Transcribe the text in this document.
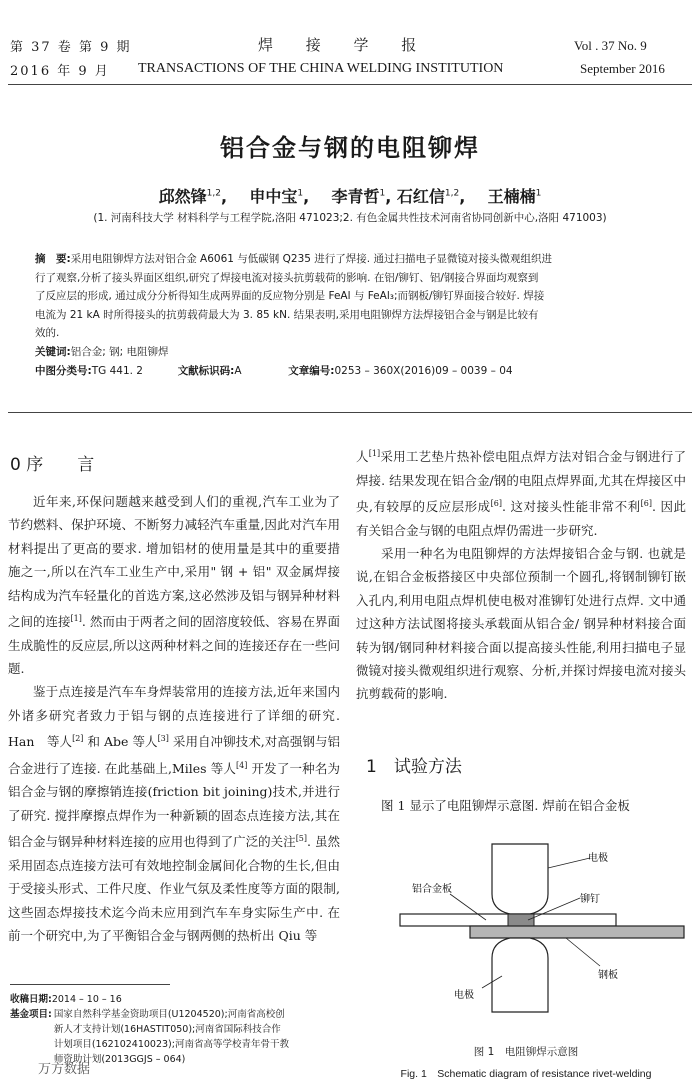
第 37 卷 第 9 期
2016 年 9 月
焊 接 学 报
TRANSACTIONS OF THE CHINA WELDING INSTITUTION
Vol . 37 No. 9
September 2016
铝合金与钢的电阻铆焊
邱然锋$^{1,2}$,    申中宝$^1$,    李青哲$^1$, 石红信$^{1,2}$,    王楠楠$^1$
(1. 河南科技大学 材料科学与工程学院,洛阳 471023;2. 有色金属共性技术河南省协同创新中心,洛阳 471003)
摘　要:采用电阻铆焊方法对铝合金 A6061 与低碳钢 Q235 进行了焊接. 通过扫描电子显微镜对接头微观组织进
行了观察,分析了接头界面区组织,研究了焊接电流对接头抗剪载荷的影响. 在铝/铆钉、铝/钢接合界面均观察到
了反应层的形成, 通过成分分析得知生成两界面的反应物分别是 FeAl 与 FeAl₃;而钢板/铆钉界面接合较好. 焊接
电流为 21 kA 时所得接头的抗剪载荷最大为 3. 85 kN. 结果表明,采用电阻铆焊方法焊接铝合金与钢是比较有
效的.
关键词:铝合金; 钢; 电阻铆焊
中图分类号:TG 441. 2	文献标识码:A	文章编号:0253 – 360X(2016)09 – 0039 – 04
0 序　　言

近年来,环保问题越来越受到人们的重视,汽车工业为了节约燃料、保护环境、不断努力减轻汽车重量,因此对汽车用材料提出了更高的要求. 增加铝材的使用量是其中的重要措施之一,所以在汽车工业生产中,采用" 钢 + 铝" 双金属焊接结构成为汽车轻量化的首选方案,这必然涉及铝与钢异种材料之间的连接[1]. 然而由于两者之间的固溶度较低、容易在界面生成脆性的反应层,所以这两种材料之间的连接还存在一些问题.

鉴于点连接是汽车车身焊装常用的连接方法,近年来国内外诸多研究者致力于铝与钢的点连接进行了详细的研究. Han　等人[2] 和 Abe 等人[3] 采用自冲铆技术,对高强钢与铝合金进行了连接. 在此基础上,Miles 等人[4] 开发了一种名为铝合金与钢的摩擦销连接(friction bit joining)技术,并进行了研究. 搅拌摩擦点焊作为一种新颖的固态点连接方法,其在铝合金与钢异种材料连接的应用也得到了广泛的关注[5]. 虽然采用固态点连接方法可有效地控制金属间化合物的生长,但由于受接头形式、工件尺度、作业气氛及柔性度等方面的限制,这些固态焊接技术迄今尚未应用到汽车车身实际生产中. 在前一个研究中,为了平衡铝合金与钢两侧的热析出 Qiu 等

收稿日期:2014 – 10 – 16
基金项目: 国家自然科学基金资助项目(U1204520);河南省高校创
新人才支持计划(16HASTIT050);河南省国际科技合作
计划项目(162102410023);河南省高等学校青年骨干教
师资助计划(2013GGJS – 064)
万方数据

人[1]采用工艺垫片热补偿电阻点焊方法对铝合金与钢进行了焊接. 结果发现在铝合金/钢的电阻点焊界面,尤其在焊接区中央,有较厚的反应层形成[6]. 这对接头性能非常不利[6]. 因此有关铝合金与钢的电阻点焊仍需进一步研究.

采用一种名为电阻铆焊的方法焊接铝合金与钢. 也就是说,在铝合金板搭接区中央部位预制一个圆孔,将钢制铆钉嵌入孔内,利用电阻点焊机使电极对准铆钉处进行点焊. 文中通过这种方法试图将接头承载面从铝合金/ 钢异种材料接合面转为钢/钢同种材料接合面以提高接头性能,利用扫描电子显微镜对接头微观组织进行观察、分析,并探讨焊接电流对接头抗剪载荷的影响.

1　试验方法

图 1 显示了电阻铆焊示意图. 焊前在铝合金板

电极
铝合金板
铆钉
钢板
电极
图 1　电阻铆焊示意图
Fig. 1　Schematic diagram of resistance rivet-welding
